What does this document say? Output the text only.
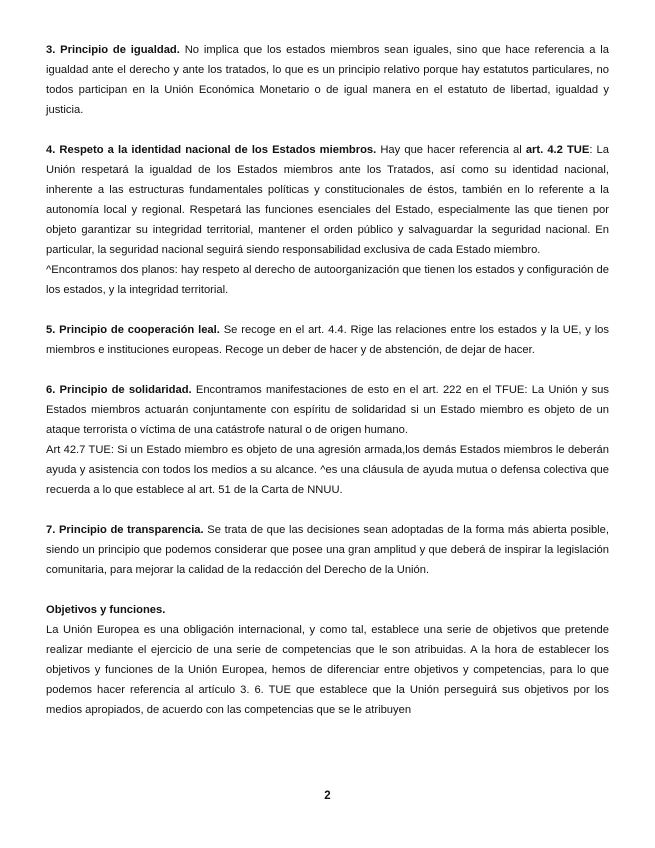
3. Principio de igualdad. No implica que los estados miembros sean iguales, sino que hace referencia a la igualdad ante el derecho y ante los tratados, lo que es un principio relativo porque hay estatutos particulares, no todos participan en la Unión Económica Monetario o de igual manera en el estatuto de libertad, igualdad y justicia.

4. Respeto a la identidad nacional de los Estados miembros. Hay que hacer referencia al art. 4.2 TUE: La Unión respetará la igualdad de los Estados miembros ante los Tratados, así como su identidad nacional, inherente a las estructuras fundamentales políticas y constitucionales de éstos, también en lo referente a la autonomía local y regional. Respetará las funciones esenciales del Estado, especialmente las que tienen por objeto garantizar su integridad territorial, mantener el orden público y salvaguardar la seguridad nacional. En particular, la seguridad nacional seguirá siendo responsabilidad exclusiva de cada Estado miembro.

^Encontramos dos planos: hay respeto al derecho de autoorganización que tienen los estados y configuración de los estados, y la integridad territorial.

5. Principio de cooperación leal. Se recoge en el art. 4.4. Rige las relaciones entre los estados y la UE, y los miembros e instituciones europeas. Recoge un deber de hacer y de abstención, de dejar de hacer.

6. Principio de solidaridad. Encontramos manifestaciones de esto en el art. 222 en el TFUE: La Unión y sus Estados miembros actuarán conjuntamente con espíritu de solidaridad si un Estado miembro es objeto de un ataque terrorista o víctima de una catástrofe natural o de origen humano.

Art 42.7 TUE: Si un Estado miembro es objeto de una agresión armada,los demás Estados miembros le deberán ayuda y asistencia con todos los medios a su alcance. ^es una cláusula de ayuda mutua o defensa colectiva que recuerda a lo que establece al art. 51 de la Carta de NNUU.

7. Principio de transparencia. Se trata de que las decisiones sean adoptadas de la forma más abierta posible, siendo un principio que podemos considerar que posee una gran amplitud y que deberá de inspirar la legislación comunitaria, para mejorar la calidad de la redacción del Derecho de la Unión.

Objetivos y funciones.

La Unión Europea es una obligación internacional, y como tal, establece una serie de objetivos que pretende realizar mediante el ejercicio de una serie de competencias que le son atribuidas. A la hora de establecer los objetivos y funciones de la Unión Europea, hemos de diferenciar entre objetivos y competencias, para lo que podemos hacer referencia al artículo 3. 6. TUE que establece que la Unión perseguirá sus objetivos por los medios apropiados, de acuerdo con las competencias que se le atribuyen

2
